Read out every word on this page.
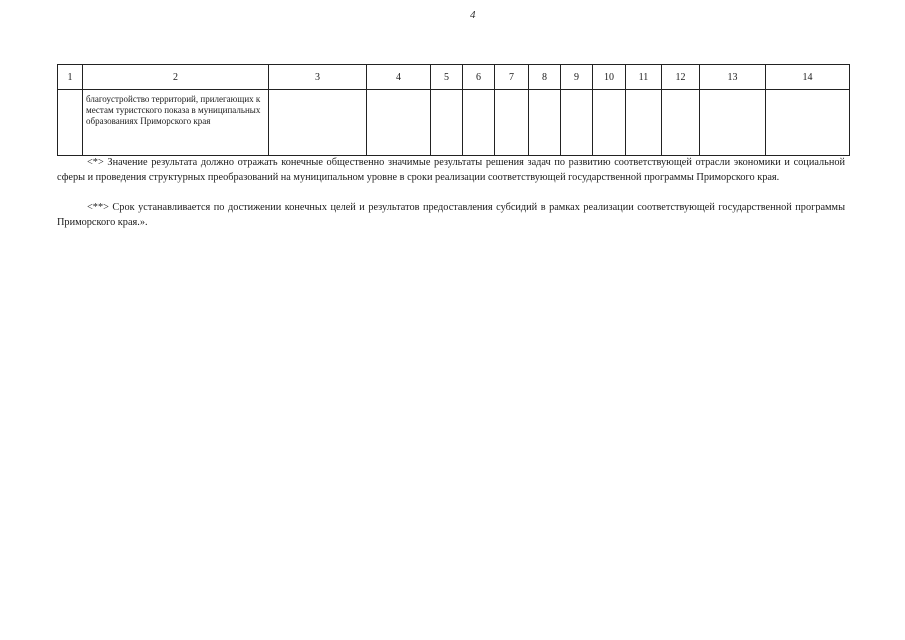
4
1	2	3	4	5	6	7	8	9	10	11	12	13	14
	благоустройство территорий, прилегающих к местам туристского показа в муниципальных образованиях Приморского края												

<*> Значение результата должно отражать конечные общественно значимые результаты решения задач по развитию соответствующей отрасли экономики и социальной сферы и проведения структурных преобразований на муниципальном уровне в сроки реализации соответствующей государственной программы Приморского края.

<**> Срок устанавливается по достижении конечных целей и результатов предоставления субсидий в рамках реализации соответствующей государственной программы Приморского края.».
